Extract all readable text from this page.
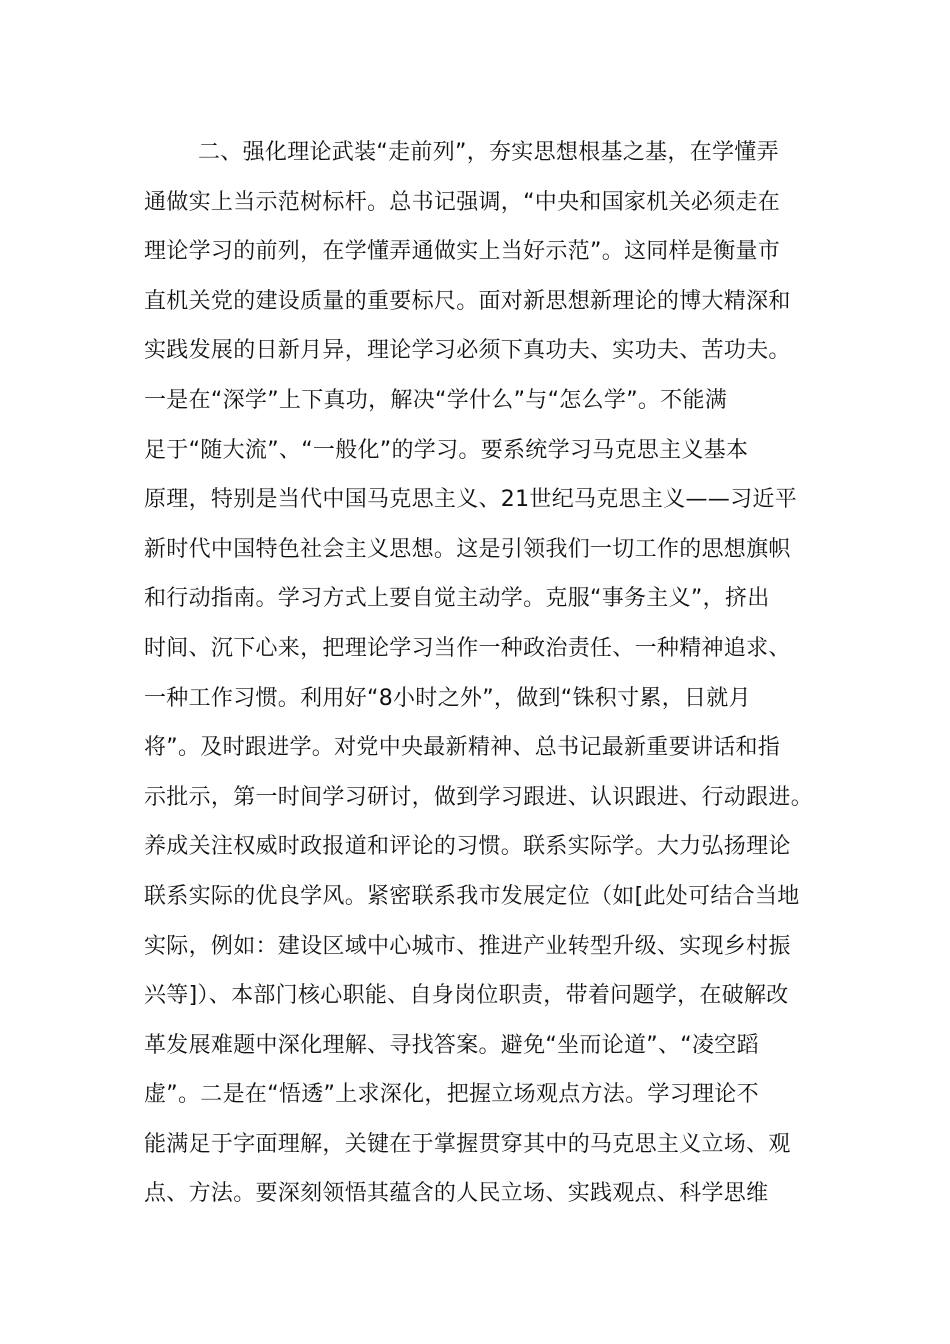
二、强化理论武装“走前列”，夯实思想根基之基，在学懂弄
通做实上当示范树标杆。总书记强调，“中央和国家机关必须走在
理论学习的前列，在学懂弄通做实上当好示范”。这同样是衡量市
直机关党的建设质量的重要标尺。面对新思想新理论的博大精深和
实践发展的日新月异，理论学习必须下真功夫、实功夫、苦功夫。
一是在“深学”上下真功，解决“学什么”与“怎么学”。不能满
足于“随大流”、“一般化”的学习。要系统学习马克思主义基本
原理，特别是当代中国马克思主义、21世纪马克思主义——习近平
新时代中国特色社会主义思想。这是引领我们一切工作的思想旗帜
和行动指南。学习方式上要自觉主动学。克服“事务主义”，挤出
时间、沉下心来，把理论学习当作一种政治责任、一种精神追求、
一种工作习惯。利用好“8小时之外”，做到“铢积寸累，日就月
将”。及时跟进学。对党中央最新精神、总书记最新重要讲话和指
示批示，第一时间学习研讨，做到学习跟进、认识跟进、行动跟进。
养成关注权威时政报道和评论的习惯。联系实际学。大力弘扬理论
联系实际的优良学风。紧密联系我市发展定位（如[此处可结合当地
实际，例如：建设区域中心城市、推进产业转型升级、实现乡村振
兴等]）、本部门核心职能、自身岗位职责，带着问题学，在破解改
革发展难题中深化理解、寻找答案。避免“坐而论道”、“凌空蹈
虚”。二是在“悟透”上求深化，把握立场观点方法。学习理论不
能满足于字面理解，关键在于掌握贯穿其中的马克思主义立场、观
点、方法。要深刻领悟其蕴含的人民立场、实践观点、科学思维
